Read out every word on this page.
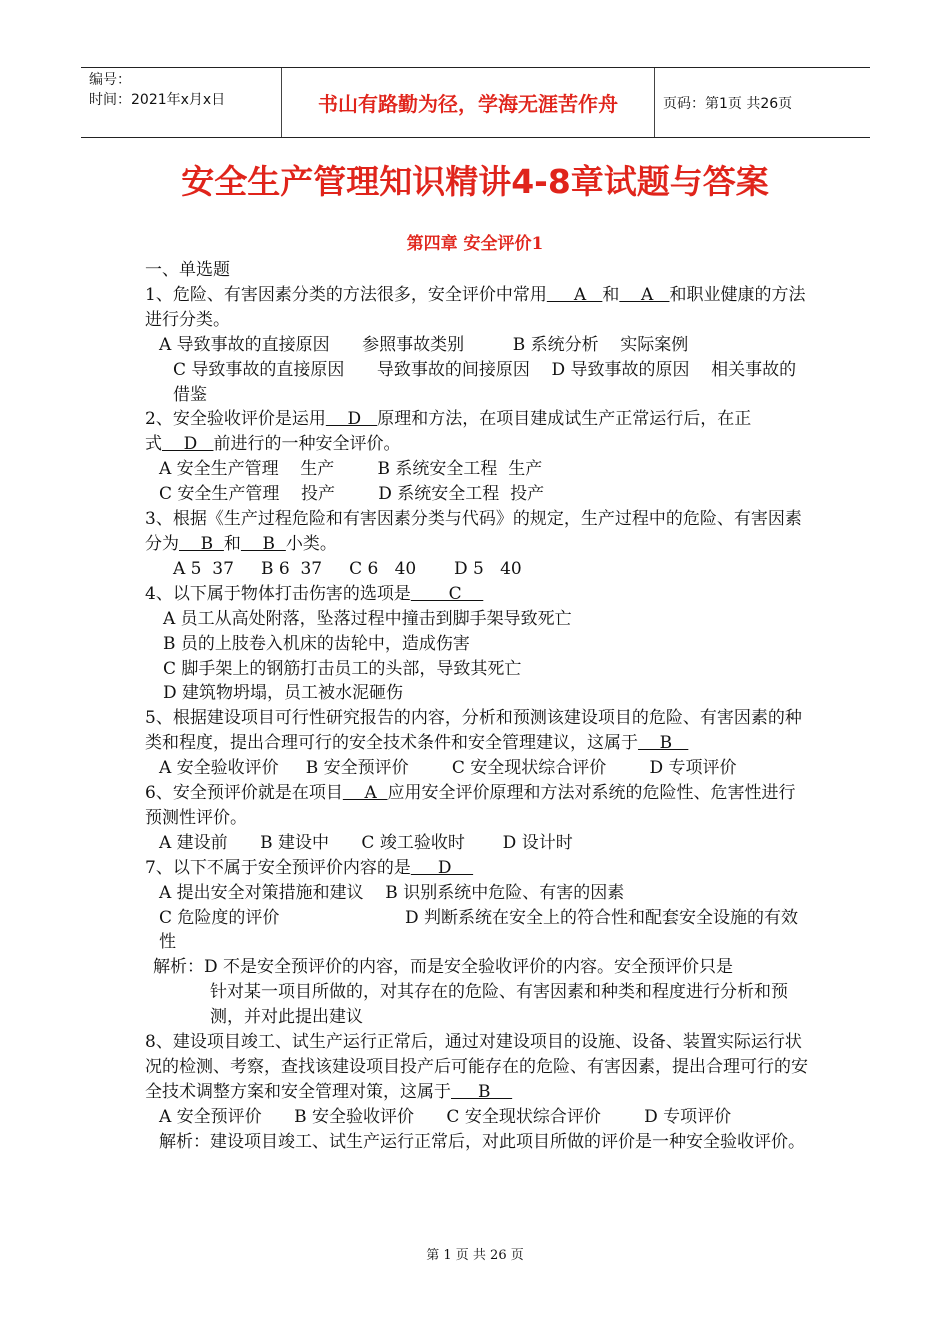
编号：
时间：2021年x月x日	书山有路勤为径，学海无涯苦作舟	页码：第1页 共26页
安全生产管理知识精讲4-8章试题与答案
第四章 安全评价1

一、单选题

1、危险、有害因素分类的方法很多，安全评价中常用     A   和    A   和职业健康的方法进行分类。

A 导致事故的直接原因      参照事故类别         B 系统分析    实际案例

C 导致事故的直接原因      导致事故的间接原因    D 导致事故的原因    相关事故的借鉴

2、安全验收评价是运用    D   原理和方法，在项目建成试生产正常运行后，在正式    D   前进行的一种安全评价。

A 安全生产管理    生产        B 系统安全工程  生产

C 安全生产管理    投产        D 系统安全工程  投产

3、根据《生产过程危险和有害因素分类与代码》的规定，生产过程中的危险、有害因素分为    B  和    B  小类。

A 5  37     B 6  37     C 6   40       D 5   40

4、以下属于物体打击伤害的选项是       C

A 员工从高处附落，坠落过程中撞击到脚手架导致死亡

B 员的上肢卷入机床的齿轮中，造成伤害

C 脚手架上的钢筋打击员工的头部，导致其死亡

D 建筑物坍塌，员工被水泥砸伤

5、根据建设项目可行性研究报告的内容，分析和预测该建设项目的危险、有害因素的种类和程度，提出合理可行的安全技术条件和安全管理建议，这属于    B

A 安全验收评价     B 安全预评价        C 安全现状综合评价        D 专项评价

6、安全预评价就是在项目    A  应用安全评价原理和方法对系统的危险性、危害性进行预测性评价。

A 建设前      B 建设中      C 竣工验收时       D 设计时

7、以下不属于安全预评价内容的是     D

A 提出安全对策措施和建议    B 识别系统中危险、有害的因素

C 危险度的评价	D 判断系统在安全上的符合性和配套安全设施的有效性

解析：D 不是安全预评价的内容，而是安全验收评价的内容。安全预评价只是

针对某一项目所做的，对其存在的危险、有害因素和种类和程度进行分析和预测，并对此提出建议

8、建设项目竣工、试生产运行正常后，通过对建设项目的设施、设备、装置实际运行状况的检测、考察，查找该建设项目投产后可能存在的危险、有害因素，提出合理可行的安全技术调整方案和安全管理对策，这属于     B

A 安全预评价      B 安全验收评价      C 安全现状综合评价        D 专项评价

解析：建设项目竣工、试生产运行正常后，对此项目所做的评价是一种安全验收评价。

第 1 页 共 26 页
